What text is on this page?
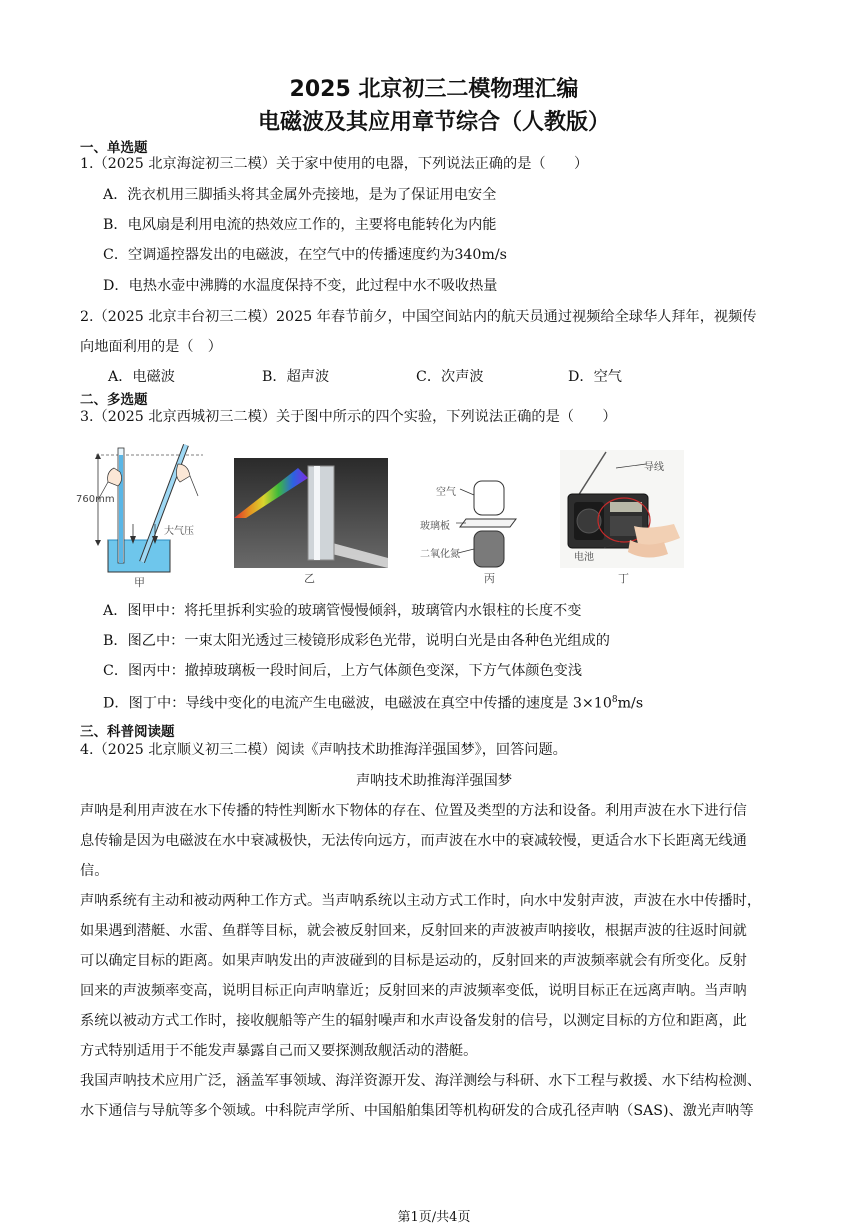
2025 北京初三二模物理汇编
电磁波及其应用章节综合（人教版）
一、单选题
1.（2025 北京海淀初三二模）关于家中使用的电器，下列说法正确的是（　　）
A．洗衣机用三脚插头将其金属外壳接地，是为了保证用电安全
B．电风扇是利用电流的热效应工作的，主要将电能转化为内能
C．空调遥控器发出的电磁波，在空气中的传播速度约为340m/s
D．电热水壶中沸腾的水温度保持不变，此过程中水不吸收热量
2.（2025 北京丰台初三二模）2025 年春节前夕，中国空间站内的航天员通过视频给全球华人拜年，视频传
向地面利用的是（　）
A．电磁波	B．超声波	C．次声波	D．空气
二、多选题
3.（2025 北京西城初三二模）关于图中所示的四个实验，下列说法正确的是（　　）
760mm
大气压
甲	乙
空气
玻璃板
二氧化氮
丙
导线
电池
丁
A．图甲中：将托里拆利实验的玻璃管慢慢倾斜，玻璃管内水银柱的长度不变
B．图乙中：一束太阳光透过三棱镜形成彩色光带，说明白光是由各种色光组成的
C．图丙中：撤掉玻璃板一段时间后，上方气体颜色变深，下方气体颜色变浅
D．图丁中：导线中变化的电流产生电磁波，电磁波在真空中传播的速度是 $3\times 10^8m/s$
三、科普阅读题
4.（2025 北京顺义初三二模）阅读《声呐技术助推海洋强国梦》，回答问题。
声呐技术助推海洋强国梦
声呐是利用声波在水下传播的特性判断水下物体的存在、位置及类型的方法和设备。利用声波在水下进行信
息传输是因为电磁波在水中衰减极快，无法传向远方，而声波在水中的衰减较慢，更适合水下长距离无线通
信。
声呐系统有主动和被动两种工作方式。当声呐系统以主动方式工作时，向水中发射声波，声波在水中传播时，
如果遇到潜艇、水雷、鱼群等目标，就会被反射回来，反射回来的声波被声呐接收，根据声波的往返时间就
可以确定目标的距离。如果声呐发出的声波碰到的目标是运动的，反射回来的声波频率就会有所变化。反射
回来的声波频率变高，说明目标正向声呐靠近；反射回来的声波频率变低，说明目标正在远离声呐。当声呐
系统以被动方式工作时，接收舰船等产生的辐射噪声和水声设备发射的信号，以测定目标的方位和距离，此
方式特别适用于不能发声暴露自己而又要探测敌舰活动的潜艇。
我国声呐技术应用广泛，涵盖军事领域、海洋资源开发、海洋测绘与科研、水下工程与救援、水下结构检测、
水下通信与导航等多个领域。中科院声学所、中国船舶集团等机构研发的合成孔径声呐（SAS)、激光声呐等
第1页/共4页
